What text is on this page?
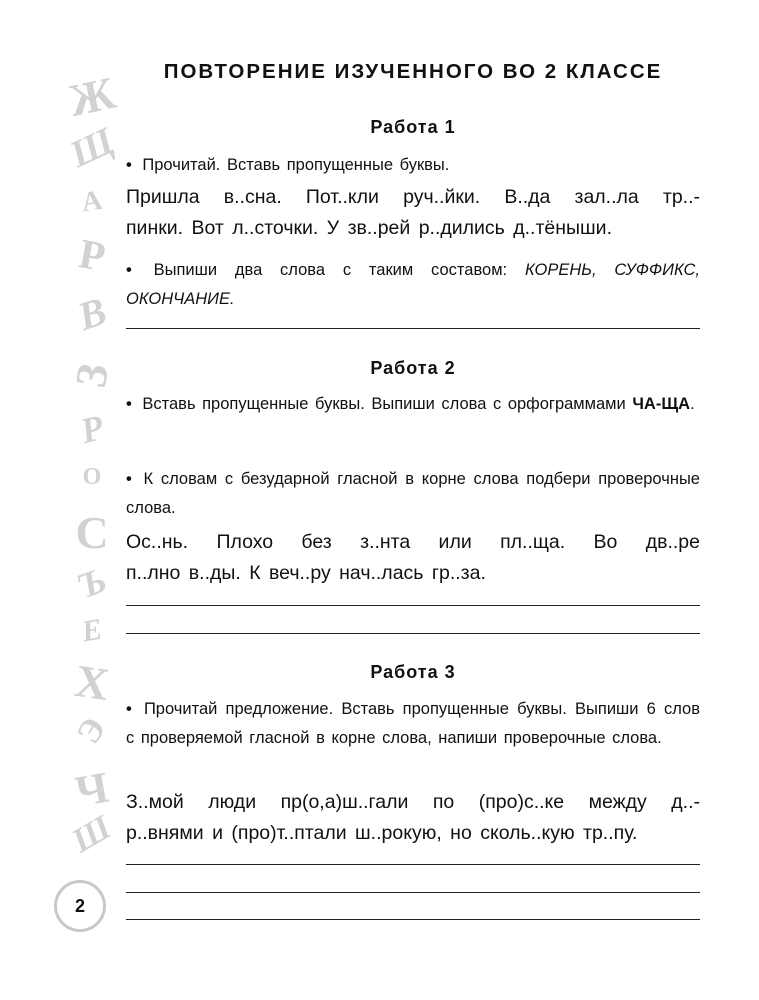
Ж
Щ
А
Р
В
З
Р
О
С
Ъ
Е
Х
Э
Ч
Ш
ПОВТОРЕНИЕ ИЗУЧЕННОГО ВО 2 КЛАССЕ
Работа 1
• Прочитай. Вставь пропущенные буквы.
Пришла в..сна. Пот..кли руч..йки. В..да зал..ла тр..-
пинки. Вот л..сточки. У зв..рей р..дились д..тёныши.
• Выпиши два слова с таким составом: КОРЕНЬ, СУФФИКС, ОКОНЧАНИЕ.
Работа 2
• Вставь пропущенные буквы. Выпиши слова с орфограммами ЧА-ЩА.
• К словам с безударной гласной в корне слова подбери проверочные слова.
Ос..нь. Плохо без з..нта или пл..ща. Во дв..ре
п..лно в..ды. К веч..ру нач..лась гр..за.
Работа 3
• Прочитай предложение. Вставь пропущенные буквы. Выпиши 6 слов с проверяемой гласной в корне слова, напиши проверочные слова.
З..мой люди пр(о,а)ш..гали по (про)с..ке между д..-
р..внями и (про)т..птали ш..рокую, но сколь..кую тр..пу.
2
